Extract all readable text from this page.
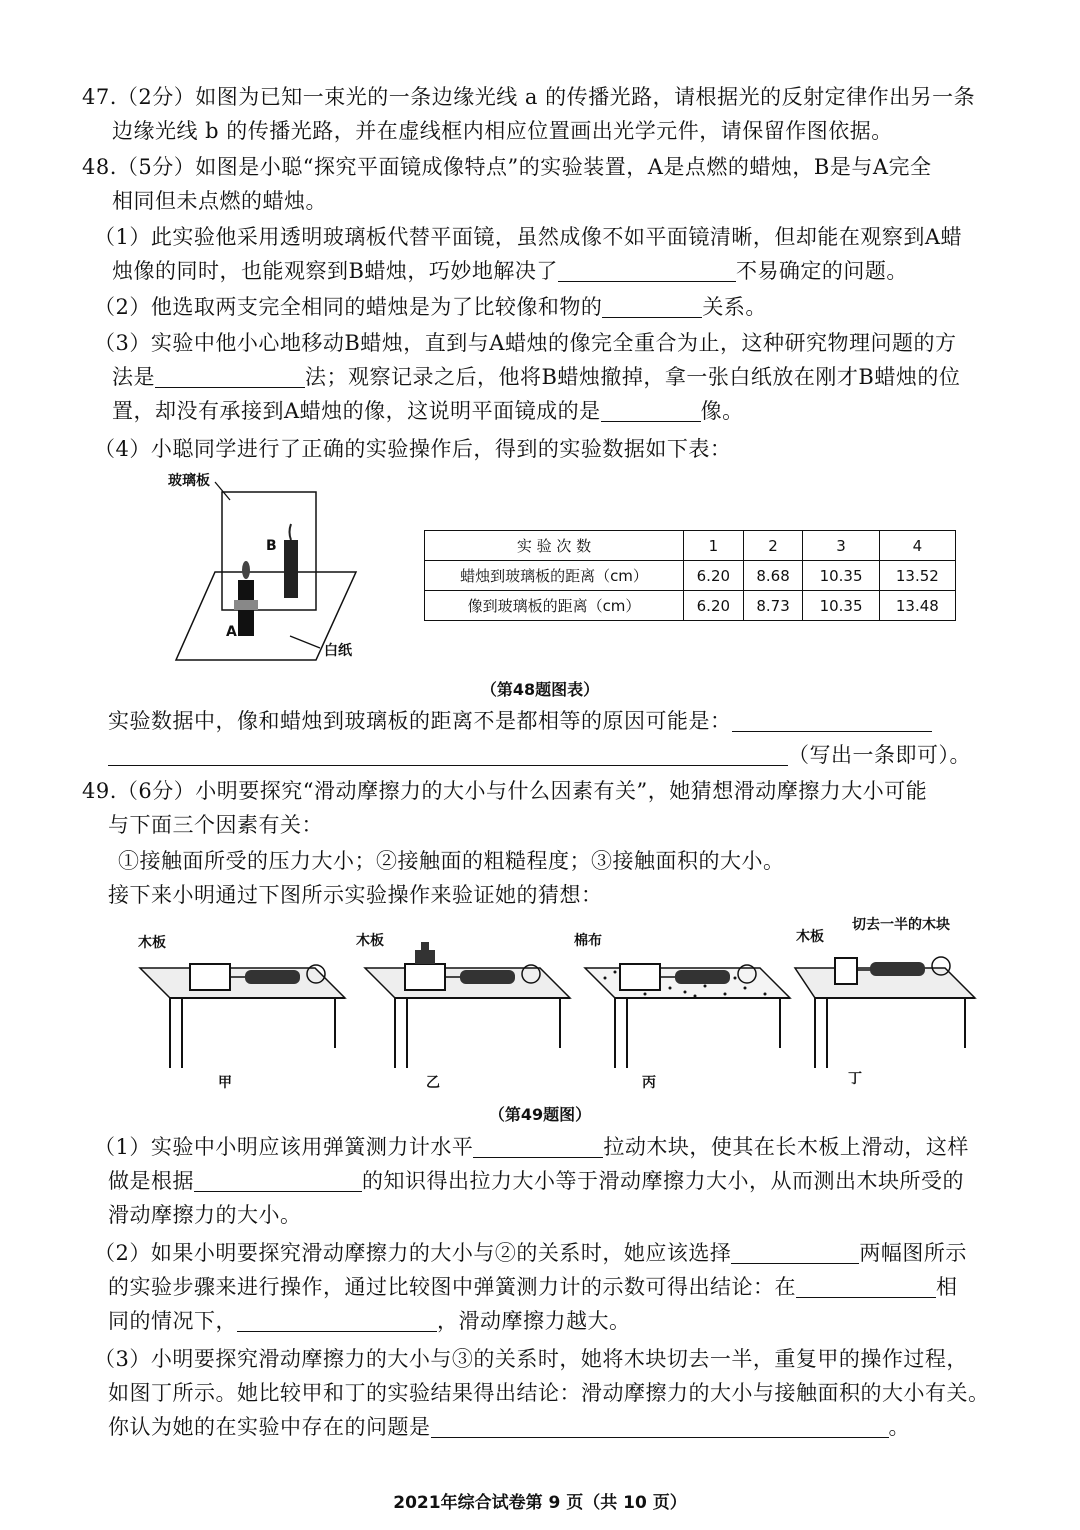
47.（2分）如图为已知一束光的一条边缘光线 a 的传播光路，请根据光的反射定律作出另一条
边缘光线 b 的传播光路，并在虚线框内相应位置画出光学元件，请保留作图依据。
48.（5分）如图是小聪“探究平面镜成像特点”的实验装置，A是点燃的蜡烛，B是与A完全
相同但未点燃的蜡烛。
（1）此实验他采用透明玻璃板代替平面镜，虽然成像不如平面镜清晰，但却能在观察到A蜡
烛像的同时，也能观察到B蜡烛，巧妙地解决了	不易确定的问题。
（2）他选取两支完全相同的蜡烛是为了比较像和物的	关系。
（3）实验中他小心地移动B蜡烛，直到与A蜡烛的像完全重合为止，这种研究物理问题的方
法是	法；观察记录之后，他将B蜡烛撤掉，拿一张白纸放在刚才B蜡烛的位
置，却没有承接到A蜡烛的像，这说明平面镜成的是	像。
（4）小聪同学进行了正确的实验操作后，得到的实验数据如下表：
玻璃板
B
A
白纸
实 验 次 数	1	2	3	4
蜡烛到玻璃板的距离（cm）	6.20	8.68	10.35	13.52
像到玻璃板的距离（cm）	6.20	8.73	10.35	13.48
（第48题图表）
实验数据中，像和蜡烛到玻璃板的距离不是都相等的原因可能是：
（写出一条即可）。
49.（6分）小明要探究“滑动摩擦力的大小与什么因素有关”，她猜想滑动摩擦力大小可能
与下面三个因素有关：
①接触面所受的压力大小；②接触面的粗糙程度；③接触面积的大小。
接下来小明通过下图所示实验操作来验证她的猜想：
木板	木板	棉布	木板
切去一半的木块
甲	乙	丙	丁
（第49题图）
（1）实验中小明应该用弹簧测力计水平	拉动木块，使其在长木板上滑动，这样
做是根据	的知识得出拉力大小等于滑动摩擦力大小，从而测出木块所受的
滑动摩擦力的大小。
（2）如果小明要探究滑动摩擦力的大小与②的关系时，她应该选择	两幅图所示
的实验步骤来进行操作，通过比较图中弹簧测力计的示数可得出结论：在	相
同的情况下，	，滑动摩擦力越大。
（3）小明要探究滑动摩擦力的大小与③的关系时，她将木块切去一半，重复甲的操作过程，
如图丁所示。她比较甲和丁的实验结果得出结论：滑动摩擦力的大小与接触面积的大小有关。
你认为她的在实验中存在的问题是	。
2021年综合试卷第 9 页（共 10 页）
